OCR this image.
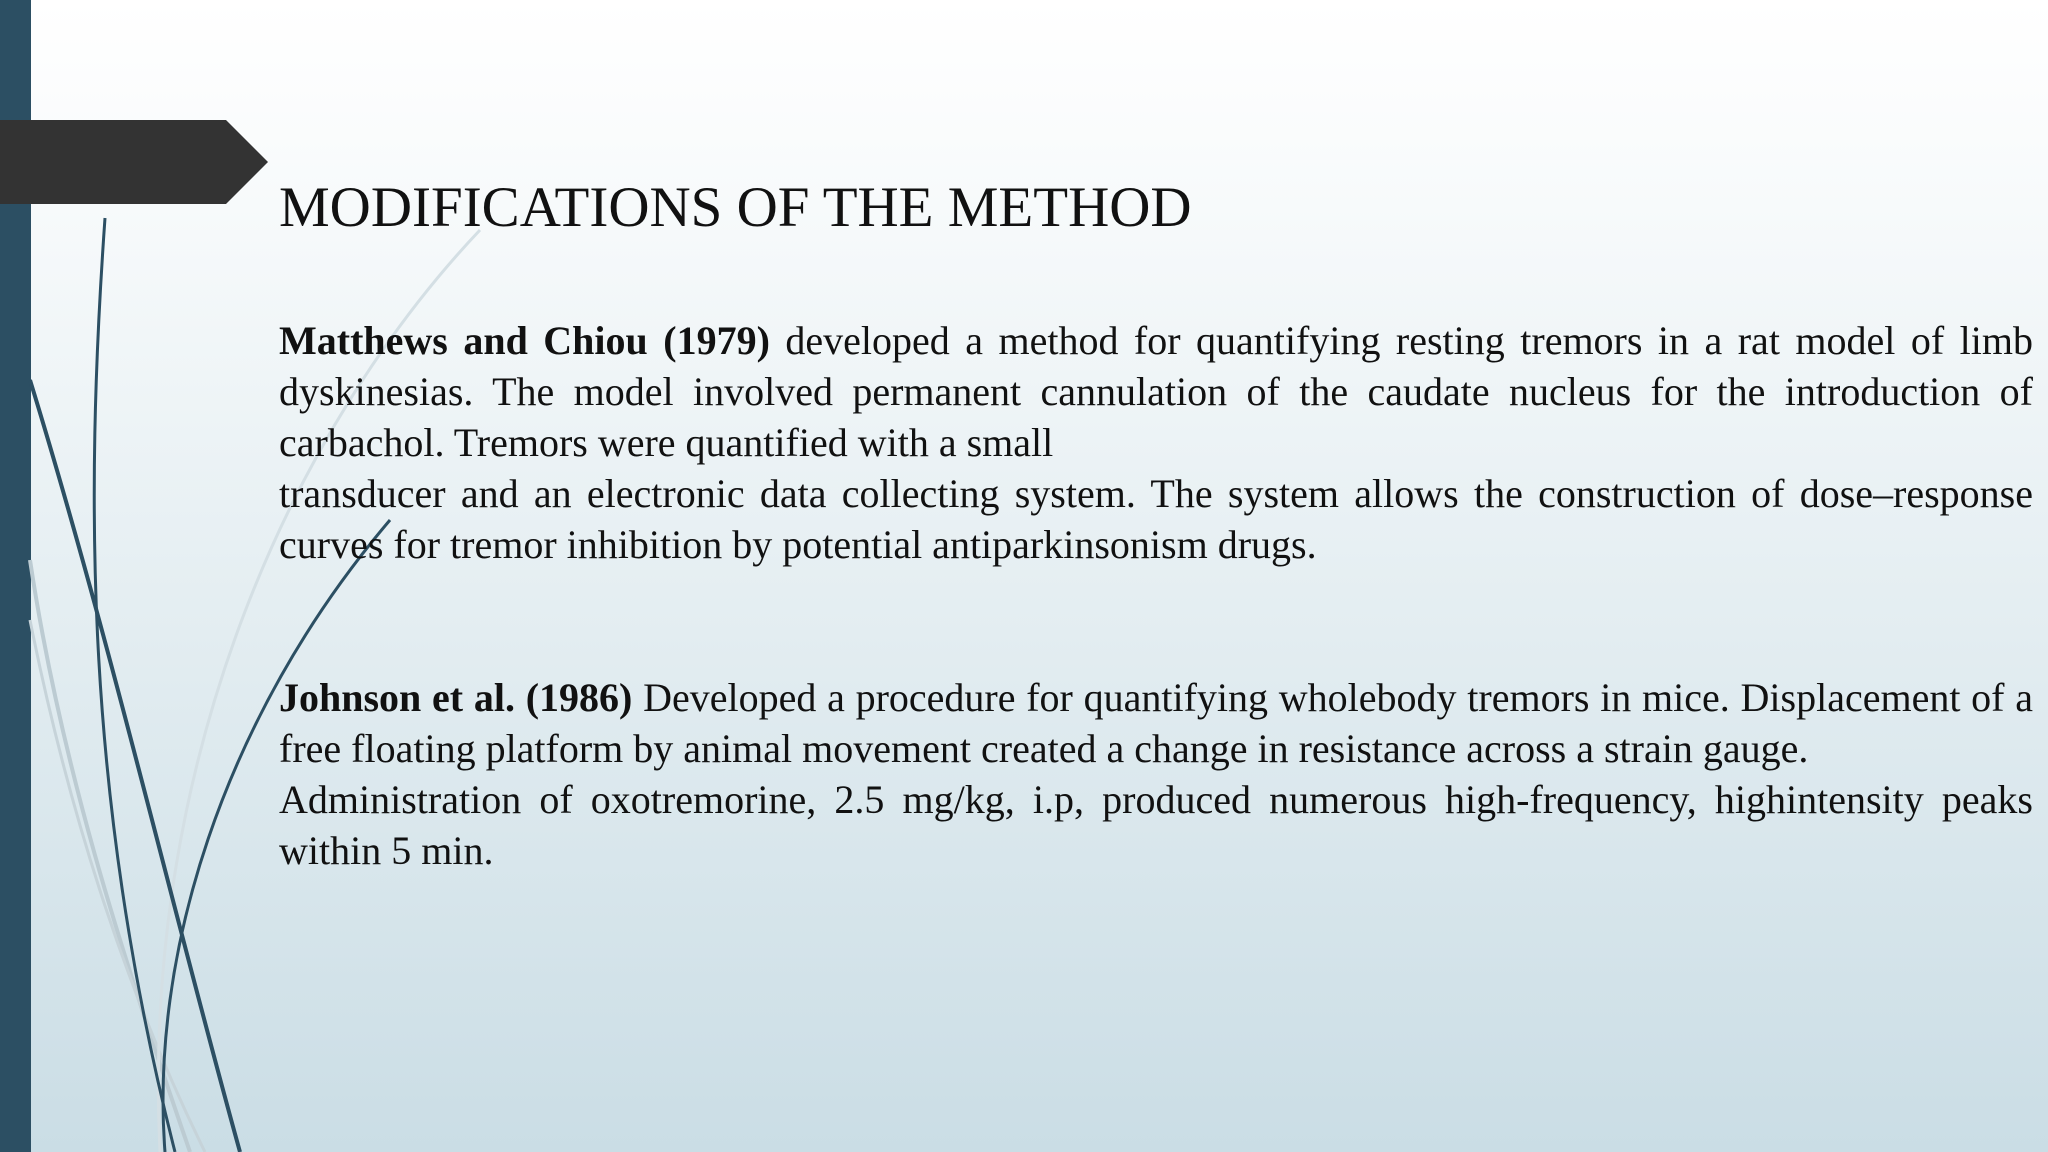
MODIFICATIONS OF THE METHOD

Matthews and Chiou (1979) developed a method for quantifying resting tremors in a rat model of limb dyskinesias. The model involved permanent cannulation of the caudate nucleus for the introduction of carbachol. Tremors were quantified with a small

transducer and an electronic data collecting system. The system allows the construction of dose–response curves for tremor inhibition by potential antiparkinsonism drugs.

Johnson et al. (1986) Developed a procedure for quantifying wholebody tremors in mice. Displacement of a free floating platform by animal movement created a change in resistance across a strain gauge.

Administration of oxotremorine, 2.5 mg/kg, i.p, produced numerous high-frequency, highintensity peaks within 5 min.
